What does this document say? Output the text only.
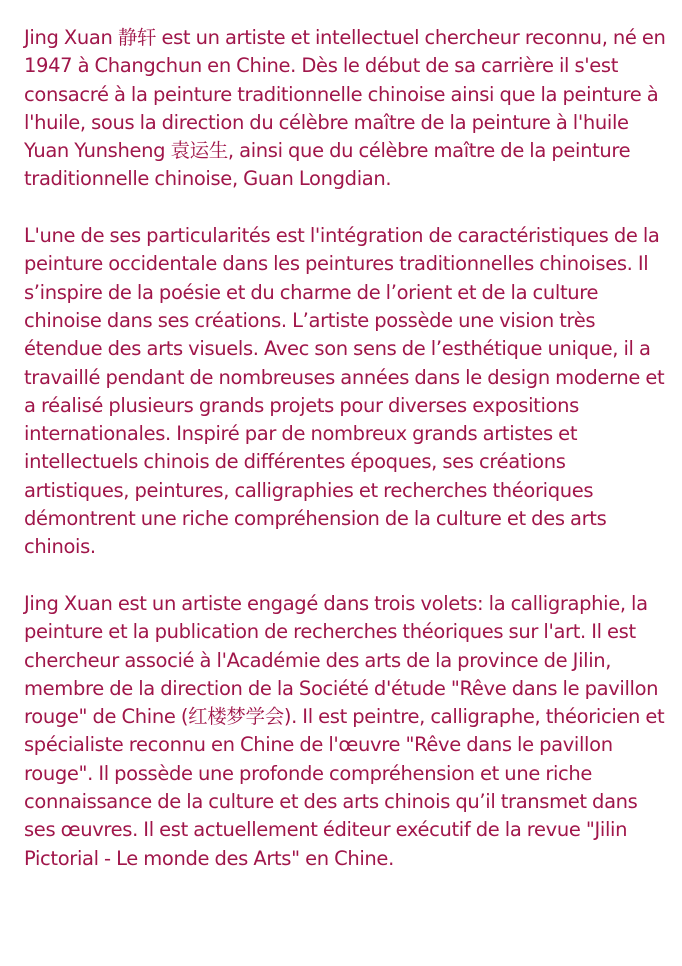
Jing Xuan 静轩 est un artiste et intellectuel chercheur reconnu, né en 1947 à Changchun en Chine. Dès le début de sa carrière il s'est consacré à la peinture traditionnelle chinoise ainsi que la peinture à l'huile, sous la direction du célèbre maître de la peinture à l'huile Yuan Yunsheng 袁运生, ainsi que du célèbre maître de la peinture traditionnelle chinoise, Guan Longdian.

L'une de ses particularités est l'intégration de caractéristiques de la peinture occidentale dans les peintures traditionnelles chinoises. Il s’inspire de la poésie et du charme de l’orient et de la culture chinoise dans ses créations. L’artiste possède une vision très étendue des arts visuels. Avec son sens de l’esthétique unique, il a travaillé pendant de nombreuses années dans le design moderne et a réalisé plusieurs grands projets pour diverses expositions internationales. Inspiré par de nombreux grands artistes et intellectuels chinois de différentes époques, ses créations artistiques, peintures, calligraphies et recherches théoriques démontrent une riche compréhension de la culture et des arts chinois.

Jing Xuan est un artiste engagé dans trois volets: la calligraphie, la peinture et la publication de recherches théoriques sur l'art. Il est chercheur associé à l'Académie des arts de la province de Jilin, membre de la direction de la Société d'étude "Rêve dans le pavillon rouge" de Chine (红楼梦学会). Il est peintre, calligraphe, théoricien et spécialiste reconnu en Chine de l'œuvre "Rêve dans le pavillon rouge". Il possède une profonde compréhension et une riche connaissance de la culture et des arts chinois qu’il transmet dans ses œuvres. Il est actuellement éditeur exécutif de la revue "Jilin Pictorial - Le monde des Arts" en Chine.
